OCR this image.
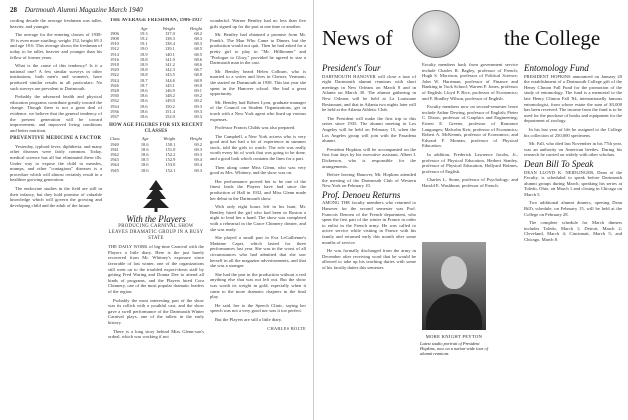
28 Dartmouth Alumni Magazine March 1940

cording decade the average freshman was taller, heavier, and younger.

The average for the entering classes of 1938-39 is even more startling: weight 152, height 69.3 and age 18.6. This average shows the freshman of today to be taller, heavier and younger than his fellow of former years.

What is the cause of this tendency? Is it a national one? A few similar surveys in other institutions, both men's and women's, have produced similar results in all particulars. No such surveys are prevalent to Dartmouth.

Probably the advanced health and physical education programs contribute greatly toward the change. Though there is not a great deal of evidence, we believe that the general tendency of the present generation will be toward improvement, and improved living conditions and better nutrition.

PREVENTIVE MEDICINE A FACTOR

Yesterday, typhoid fever, diphtheria, and many other diseases were fairly common. Today, medical science has all but eliminated these ills. Under way to expose the child to measles, mumps, and other "contagious" diseases is a procedure which will almost certainly result in a healthier growing generation.

The endocrine studies in the field are still in their infancy, but they hold promise of valuable knowledge which will govern the growing and developing child and the adult of the future.

THE AVERAGE FRESHMAN, 1906-1937
	Age	Weight	Height
1906	19.3	137.0	68.2
1908	19.2	138.3	68.3
1910	19.1	138.4	68.3
1912	19.0	139.1	68.5
1914	18.9	140.1	68.5
1916	18.8	141.0	68.6
1918	18.9	141.2	68.6
1920	18.8	142.3	68.7
1922	18.8	143.5	68.8
1924	18.7	144.6	68.9
1926	18.7	145.1	69.0
1928	18.6	146.9	69.1
1930	18.6	148.2	69.2
1932	18.6	149.0	69.2
1934	18.6	150.2	69.3
1936	18.6	151.4	69.3
1937	18.6	152.0	69.3
HOW AGE FIGURES FOR SIX RECENT CLASSES
Class	Age	Weight	Height
1940	18.6	150.1	69.2
1941	18.6	151.0	69.3
1942	18.6	152.2	69.3
1943	18.5	152.9	69.4
1944	18.6	153.0	69.4
1945	18.6	152.1	69.3
With the Players
PRODUCING CARNIVAL SHOW LEAVES DRAMATIC GROUP IN A BUSY STATE

THE DAILY WORK of big-time Carnival with the Players a little diary. Here is the just barely recovered from Mr. Whitney's exposure since favorable of last winter, one of the organizations still went on to the troubled export-down staff by getting Fred Waring and Donna Dee to attend all kinds of programs, and the Players hired Cora Chinnery, one of the most popular dramatic leaders of the region.

Probably the most interesting part of the show was its rollick with a youthful cast, and the show gave a swell performance of the Dartmouth Winter Carnival plays, one of the tallest in the early history.

There is a long story behind Miss Glenn-son's ordeal, which was working if not

wonderful. Warner Bentley had no less than five girls signed up for the part at one time or another.

Mr. Bentley had obtained a promise from Mr. Frank's. The Man Who Came to Dinner, but the production would not quit. Then he had asked for a pretty girl to play in "Mr. Hillbonner" and "Prologue to Glory," provided he agreed to star a Dartmouth man in the cast.

Mr. Bentley heard Helen Colburn, who is married to a writer and lives in Chester, Vermont; she started on Dartmouth in 1938. This last year she spent in the Hanover school. She had a great opportunity.

Mr. Bentley had Robert Lyon, graduate manager of the Council on Student Organizations, get in touch with a New York agent who lined up various expenses.

Professor Francis Childs was also prepared.

The Campbell, a New York actress who is very good and has had a lot of experience in summer stock, told the girls to watch. The role was really worth every bit of work that was going to be done, and a good look which contains the lines for a part.

Then along came Miss Glenn, who was very good as Mrs. Whitney, and the show was on.

Her performance proved her to be one of the finest leads the Players have had since the production of Hall in 1932, and Miss Glenn made her debut in the Dartmouth show.

With only eight hours left in his hunt, Mr. Bentley hired the girl who had been in Boston a night to lend her a hand. The show was completed with a rehearsal in the Grace Chinnery theater, and she was ready.

She played a small part in Eva LeGallienne's Madame Capet, which lasted for three performances last year. She was in the worst of all circumstances who had admitted that she saw herself in all the magazine advertisements, and that she was a stranger.

She had the part in the production without a real anything else that was not left out. But the show was worth its weight in gold, especially when it came to the more dramatic chapters in the final play.

He said, her to the Speech Clinic, saying her speech was not a very good nor was it too perfect.

But the Players are still a little diary.

CHARLES BOLTE
News of	the College
President's Tour

DARTMOUTH HANOVER will close a tour of eight Dartmouth alumni reunions with short meetings in New Orleans on March 8 and in Atlanta on March 30. The alumni gathering in New Orleans will be held at La Louisiane Restaurant, and that in Atlanta two nights later will be held at the Atlanta Athletic Club.

The President will make the first trip to this series since 1935. The alumni meeting in Los Angeles will be held on February 15, when the Los Angeles group will join with the Pasadena alumni.

President Hopkins will be accompanied on the first four days by his executive assistant, Albert I. Dickerson, who is responsible for the arrangements.

Before leaving Hanover, Mr. Hopkins attended the meeting of the Dartmouth Club of Western New York on February 10.

Prof. Denoeu Returns

AMONG THE faculty members who returned to Hanover for the second semester was Prof. Francois Denoeu of the French department, who spent the first part of the winter in France in order to enlist in the French army. He was called to active service while visiting in France with his family and returned early this month after some months of service.

He was formally discharged from the army in December after receiving word that he would be allowed to take up his teaching duties with some of his faculty duties this semester.

Faculty members back from government service include Charles R. Bagley, professor of French; Hugh S. Morrison, professor of Political Science; John W. Harriman, professor of Finance and Banking in Tuck School; Warren F. Jones, professor of English; Lloyd P. Rice, professor of Economics; and F. Bradley Wilson, professor of English.

Faculty members now on second-semester leave include Arthur Dewing, professor of English; Pieter C. Dixon, professor of Graphics and Engineering; Ernest E. Greene, professor of Romance Languages; Malcolm Keir, professor of Economics; Robert A. McKennis, professor of Economics; and Edward F. Mornan, professor of Physical Education.

In addition, Frederick Lawrence Jacobs, Jr., professor of Physical Education, Herbert Stanley, professor of Physical Education, Hollyard Holmes, professor of English.

Charles L. Stone, professor of Psychology; and Harold E. Washburn, professor of French.

MORE KNIGHT PEYTON
Latest studio portrait of President Hopkins, now on a nation-wide tour of alumni reunions
Entomology Fund

PRESIDENT HOPKINS announced on January 20 the establishment of a Dartmouth College gift of the Henry Clinton Fall Fund for the promotion of the study of entomology. The fund is a memorial to the late Henry Clinton Fall '84, internationally famous entomologist, from whose estate the sum of $3,000 has been received. The income from the fund is to be used for the purchase of books and equipment for the department of zoology.

In his last year of life he assigned to the College his collection of 250,000 specimens.

Mr. Fall, who died last November in his 77th year, was an authority on American beetles. During his research he carried on widely with other scholars.

Dean Bill To Speak

DEAN LLOYD K. NEIDLINGER, Dean of the Faculty, is scheduled to speak before Dartmouth alumni groups during March, speaking his series at Toledo, Ohio, on March 1 and closing in Chicago on March 5.

Two additional alumni dinners, opening Dean Bill's schedule, on February 15, will be held at the College on February 28.

The complete schedule for March dinners includes Toledo, March 1; Detroit, March 2; Cleveland, March 4; Cincinnati, March 5; and Chicago, March 8.
